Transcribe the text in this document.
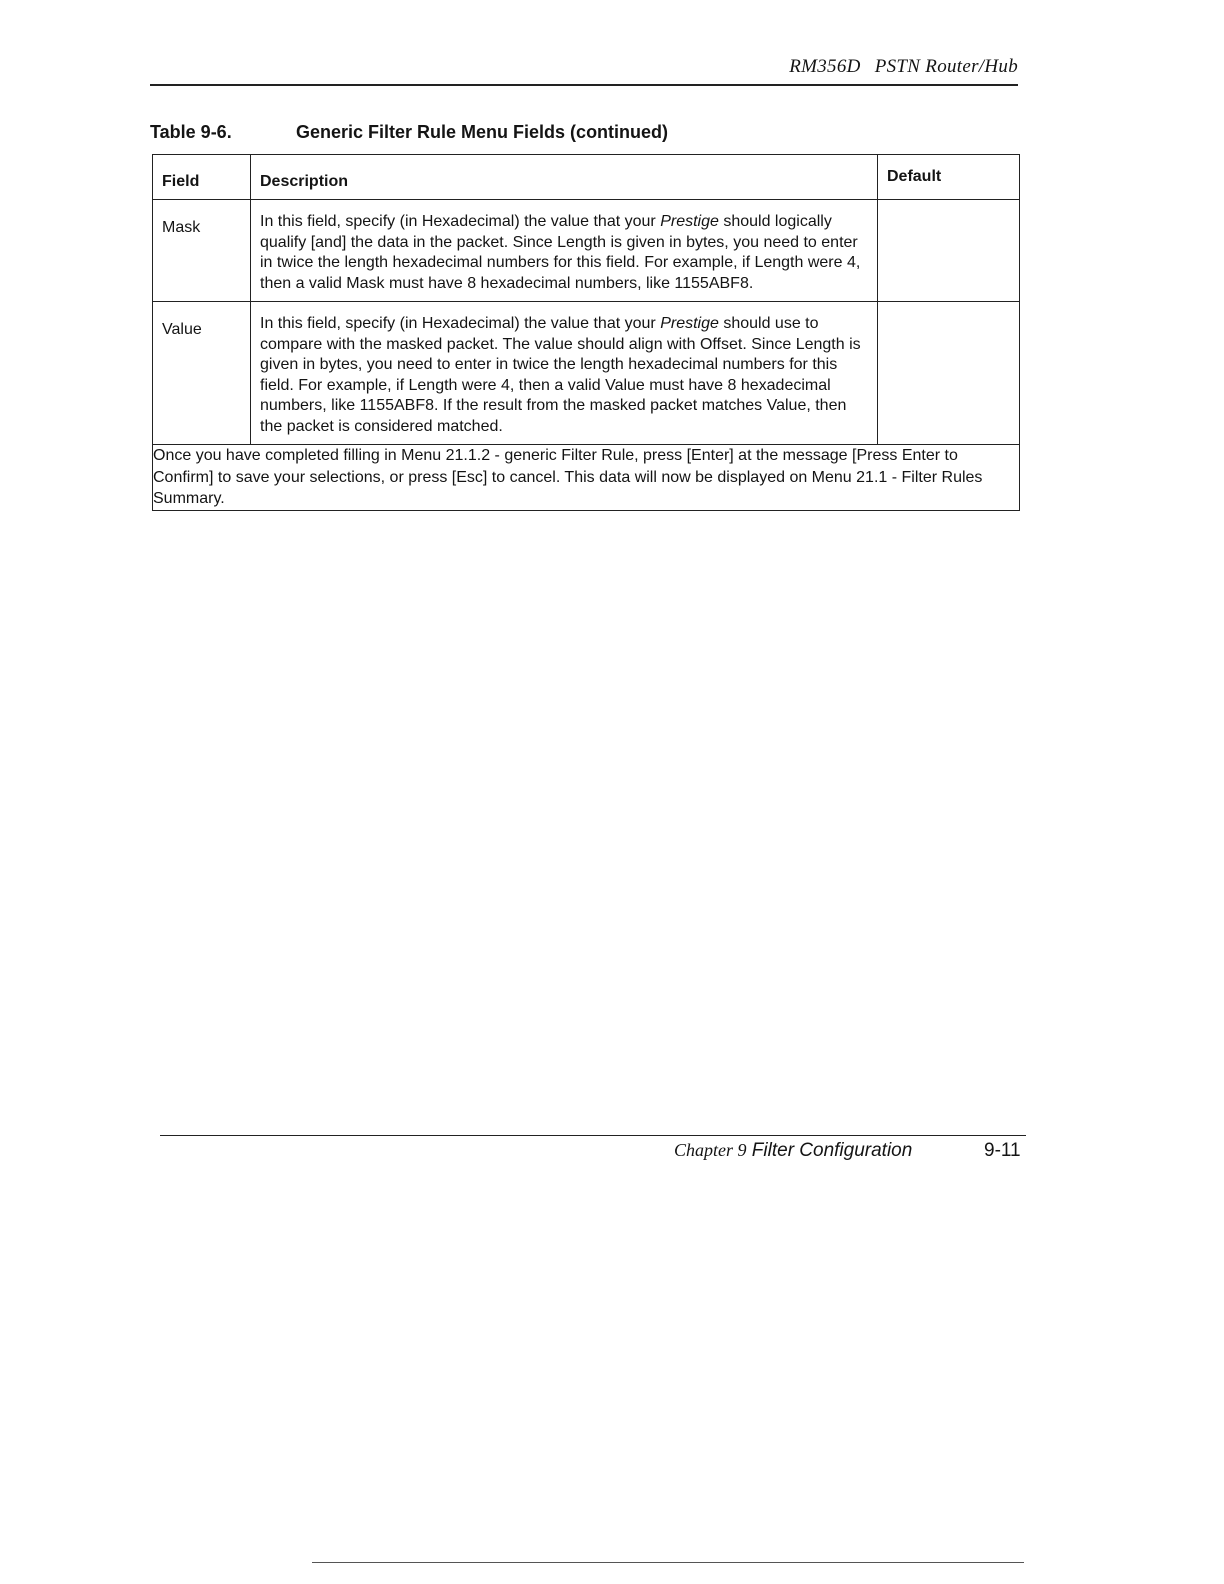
RM356D PSTN Router/Hub
Table 9-6.	Generic Filter Rule Menu Fields (continued)
Field	Description	Default

Mask	In this field, specify (in Hexadecimal) the value that your Prestige should logically qualify [and] the data in the packet. Since Length is given in bytes, you need to enter in twice the length hexadecimal numbers for this field. For example, if Length were 4, then a valid Mask must have 8 hexadecimal numbers, like 1155ABF8.	

Value	In this field, specify (in Hexadecimal) the value that your Prestige should use to compare with the masked packet. The value should align with Offset. Since Length is given in bytes, you need to enter in twice the length hexadecimal numbers for this field. For example, if Length were 4, then a valid Value must have 8 hexadecimal numbers, like 1155ABF8. If the result from the masked packet matches Value, then the packet is considered matched.	

Once you have completed filling in Menu 21.1.2 - generic Filter Rule, press [Enter] at the message [Press Enter to Confirm] to save your selections, or press [Esc] to cancel. This data will now be displayed on Menu 21.1 - Filter Rules Summary.		
Chapter 9 Filter Configuration	9-11
